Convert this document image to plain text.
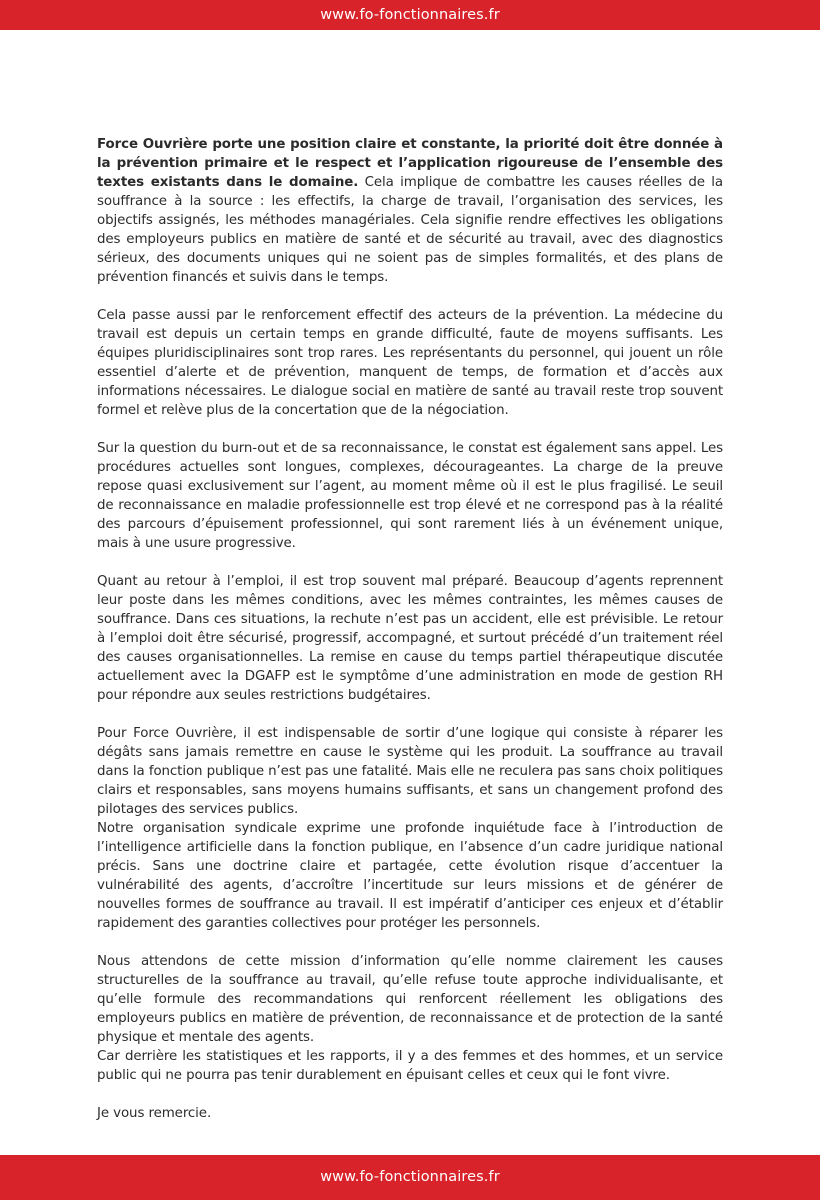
www.fo-fonctionnaires.fr

Force Ouvrière porte une position claire et constante, la priorité doit être donnée à la prévention primaire et le respect et l’application rigoureuse de l’ensemble des textes existants dans le domaine. Cela implique de combattre les causes réelles de la souffrance à la source : les effectifs, la charge de travail, l’organisation des services, les objectifs assignés, les méthodes managériales. Cela signifie rendre effectives les obligations des employeurs publics en matière de santé et de sécurité au travail, avec des diagnostics sérieux, des documents uniques qui ne soient pas de simples formalités, et des plans de prévention financés et suivis dans le temps.

Cela passe aussi par le renforcement effectif des acteurs de la prévention. La médecine du travail est depuis un certain temps en grande difficulté, faute de moyens suffisants. Les équipes pluridisciplinaires sont trop rares. Les représentants du personnel, qui jouent un rôle essentiel d’alerte et de prévention, manquent de temps, de formation et d’accès aux informations nécessaires. Le dialogue social en matière de santé au travail reste trop souvent formel et relève plus de la concertation que de la négociation.

Sur la question du burn-out et de sa reconnaissance, le constat est également sans appel. Les procédures actuelles sont longues, complexes, décourageantes. La charge de la preuve repose quasi exclusivement sur l’agent, au moment même où il est le plus fragilisé. Le seuil de reconnaissance en maladie professionnelle est trop élevé et ne correspond pas à la réalité des parcours d’épuisement professionnel, qui sont rarement liés à un événement unique, mais à une usure progressive.

Quant au retour à l’emploi, il est trop souvent mal préparé. Beaucoup d’agents reprennent leur poste dans les mêmes conditions, avec les mêmes contraintes, les mêmes causes de souffrance. Dans ces situations, la rechute n’est pas un accident, elle est prévisible. Le retour à l’emploi doit être sécurisé, progressif, accompagné, et surtout précédé d’un traitement réel des causes organisationnelles. La remise en cause du temps partiel thérapeutique discutée actuellement avec la DGAFP est le symptôme d’une administration en mode de gestion RH pour répondre aux seules restrictions budgétaires.

Pour Force Ouvrière, il est indispensable de sortir d’une logique qui consiste à réparer les dégâts sans jamais remettre en cause le système qui les produit. La souffrance au travail dans la fonction publique n’est pas une fatalité. Mais elle ne reculera pas sans choix politiques clairs et responsables, sans moyens humains suffisants, et sans un changement profond des pilotages des services publics.

Notre organisation syndicale exprime une profonde inquiétude face à l’introduction de l’intelligence artificielle dans la fonction publique, en l’absence d’un cadre juridique national précis. Sans une doctrine claire et partagée, cette évolution risque d’accentuer la vulnérabilité des agents, d’accroître l’incertitude sur leurs missions et de générer de nouvelles formes de souffrance au travail. Il est impératif d’anticiper ces enjeux et d’établir rapidement des garanties collectives pour protéger les personnels.

Nous attendons de cette mission d’information qu’elle nomme clairement les causes structurelles de la souffrance au travail, qu’elle refuse toute approche individualisante, et qu’elle formule des recommandations qui renforcent réellement les obligations des employeurs publics en matière de prévention, de reconnaissance et de protection de la santé physique et mentale des agents.

Car derrière les statistiques et les rapports, il y a des femmes et des hommes, et un service public qui ne pourra pas tenir durablement en épuisant celles et ceux qui le font vivre.

Je vous remercie.

www.fo-fonctionnaires.fr
